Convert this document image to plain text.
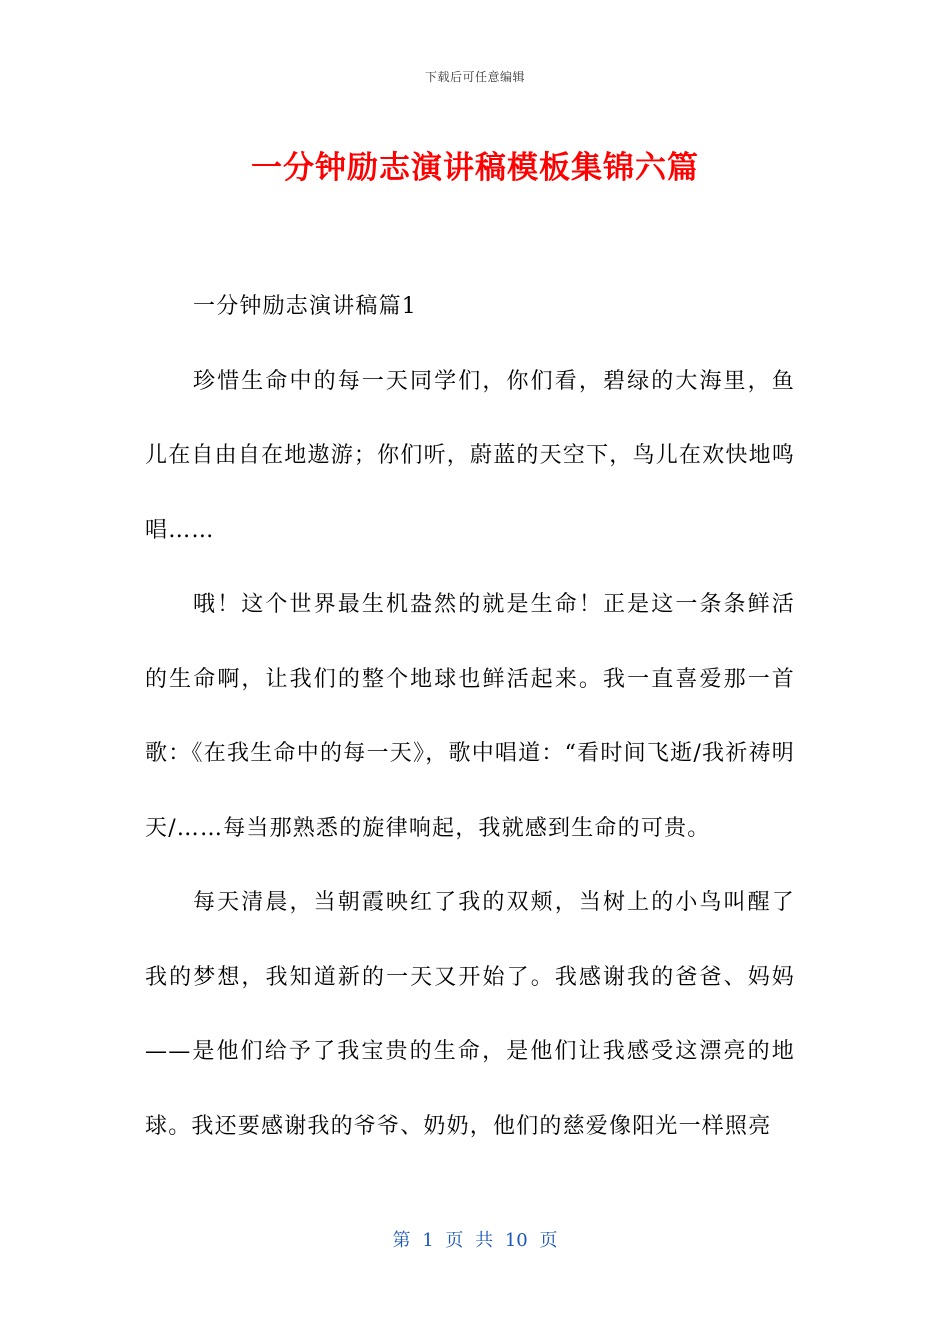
下载后可任意编辑
一分钟励志演讲稿模板集锦六篇

一分钟励志演讲稿篇1

珍惜生命中的每一天同学们，你们看，碧绿的大海里，鱼儿在自由自在地遨游；你们听，蔚蓝的天空下，鸟儿在欢快地鸣唱……

哦！这个世界最生机盎然的就是生命！正是这一条条鲜活的生命啊，让我们的整个地球也鲜活起来。我一直喜爱那一首歌：《在我生命中的每一天》，歌中唱道：“看时间飞逝/我祈祷明天/……每当那熟悉的旋律响起，我就感到生命的可贵。

每天清晨，当朝霞映红了我的双颊，当树上的小鸟叫醒了我的梦想，我知道新的一天又开始了。我感谢我的爸爸、妈妈——是他们给予了我宝贵的生命，是他们让我感受这漂亮的地球。我还要感谢我的爷爷、奶奶，他们的慈爱像阳光一样照亮

第 1 页 共 10 页
